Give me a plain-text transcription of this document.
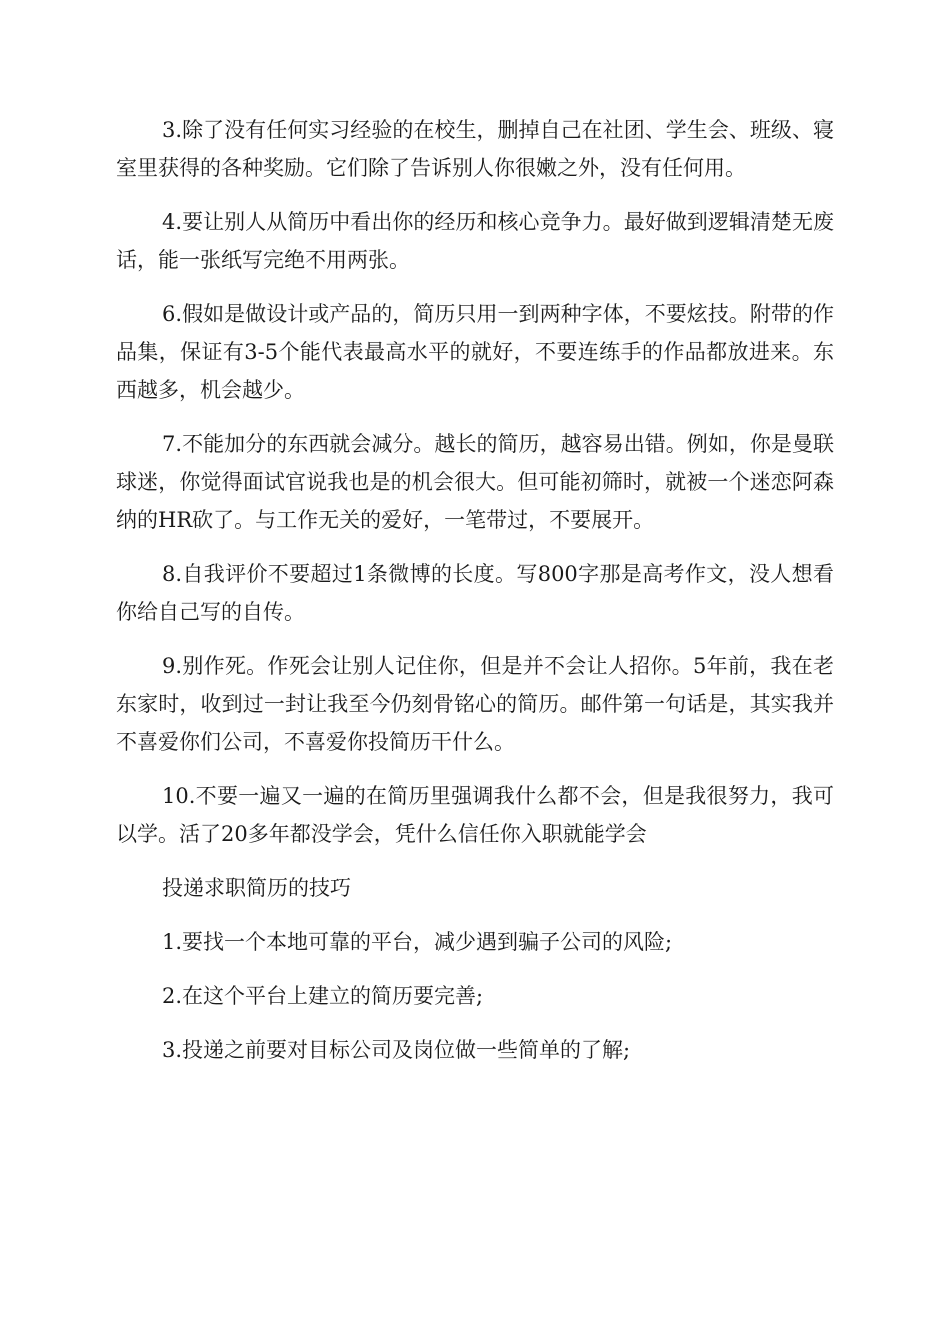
3.除了没有任何实习经验的在校生，删掉自己在社团、学生会、班级、寝室里获得的各种奖励。它们除了告诉别人你很嫩之外，没有任何用。

4.要让别人从简历中看出你的经历和核心竞争力。最好做到逻辑清楚无废话，能一张纸写完绝不用两张。

6.假如是做设计或产品的，简历只用一到两种字体，不要炫技。附带的作品集，保证有3-5个能代表最高水平的就好，不要连练手的作品都放进来。东西越多，机会越少。

7.不能加分的东西就会减分。越长的简历，越容易出错。例如，你是曼联球迷，你觉得面试官说我也是的机会很大。但可能初筛时，就被一个迷恋阿森纳的HR砍了。与工作无关的爱好，一笔带过，不要展开。

8.自我评价不要超过1条微博的长度。写800字那是高考作文，没人想看你给自己写的自传。

9.别作死。作死会让别人记住你，但是并不会让人招你。5年前，我在老东家时，收到过一封让我至今仍刻骨铭心的简历。邮件第一句话是，其实我并不喜爱你们公司，不喜爱你投简历干什么。

10.不要一遍又一遍的在简历里强调我什么都不会，但是我很努力，我可以学。活了20多年都没学会，凭什么信任你入职就能学会

投递求职简历的技巧

1.要找一个本地可靠的平台，减少遇到骗子公司的风险;

2.在这个平台上建立的简历要完善;

3.投递之前要对目标公司及岗位做一些简单的了解;
